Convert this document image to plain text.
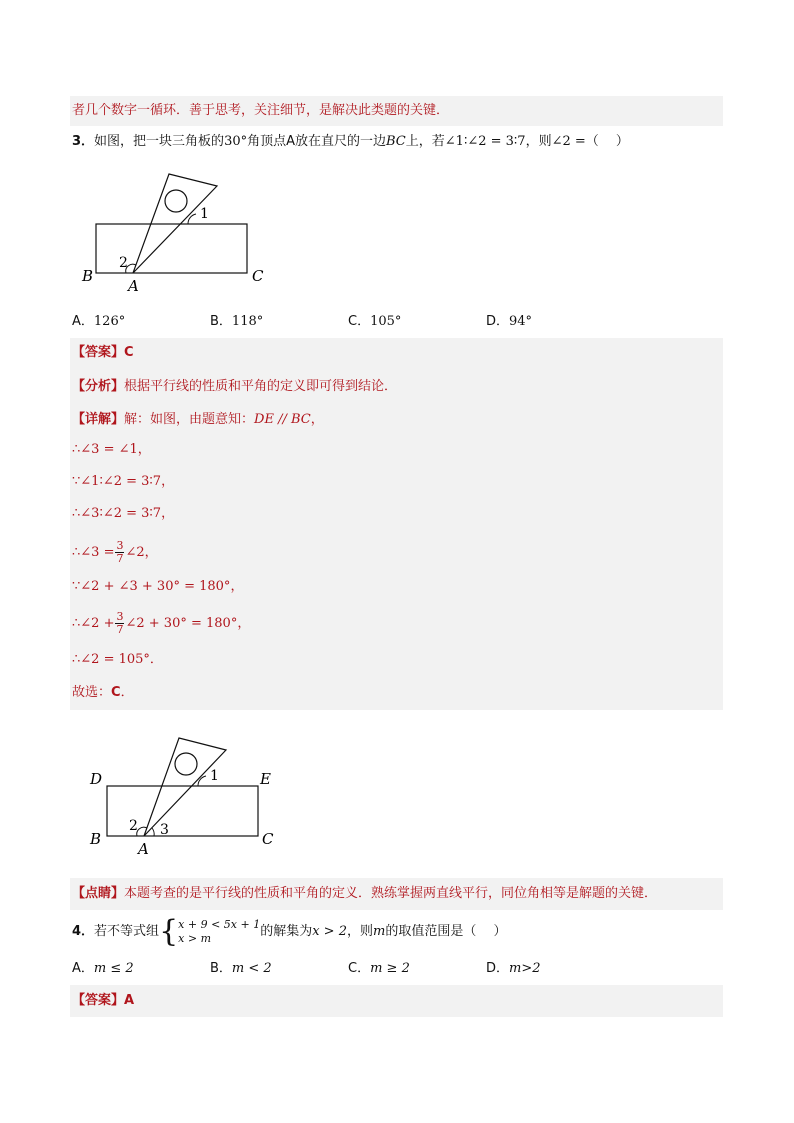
者几个数字一循环．善于思考，关注细节，是解决此类题的关键．
3．如图，把一块三角板的30°角顶点A放在直尺的一边BC上，若∠1∶∠2 = 3∶7，则∠2 =（　 ）
B	C
A
1
2
A．126°	B．118°	C．105°	D．94°
【答案】C
【分析】根据平行线的性质和平角的定义即可得到结论．
【详解】解：如图，由题意知：DE // BC，
∴∠3 = ∠1，
∵∠1∶∠2 = 3∶7，
∴∠3∶∠2 = 3∶7，
∴∠3 = $\frac{3}{7}$ ∠2，
∵∠2 + ∠3 + 30° = 180°，
∴∠2 + $\frac{3}{7}$ ∠2 + 30° = 180°，
∴∠2 = 105°．
故选：C．
D	E
B	C
A
1
2 3
【点睛】本题考查的是平行线的性质和平角的定义．熟练掌握两直线平行，同位角相等是解题的关键．
4．若不等式组{ x + 9 < 5x + 1
x > m	的解集为x > 2，则m的取值范围是（　 ）
A．m ≤ 2	B．m < 2	C．m ≥ 2	D．m>2
【答案】A
